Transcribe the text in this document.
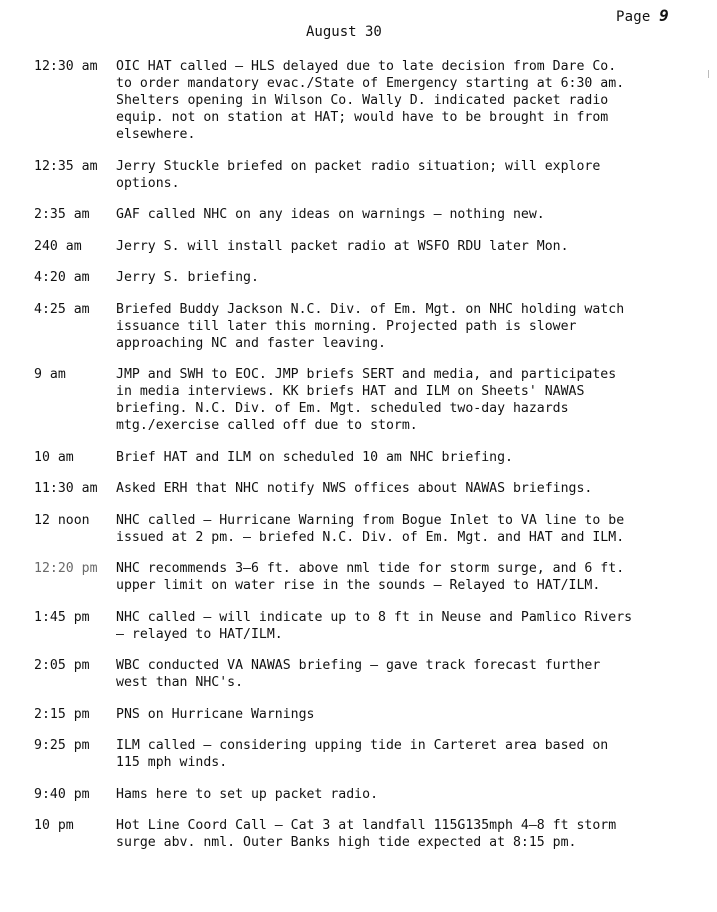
Page 9
August 30
12:30 am	OIC HAT called – HLS delayed due to late decision from Dare Co.
to order mandatory evac./State of Emergency starting at 6:30 am.
Shelters opening in Wilson Co. Wally D. indicated packet radio
equip. not on station at HAT; would have to be brought in from
elsewhere.
12:35 am	Jerry Stuckle briefed on packet radio situation; will explore
options.
2:35 am	GAF called NHC on any ideas on warnings – nothing new.
240 am	Jerry S. will install packet radio at WSFO RDU later Mon.
4:20 am	Jerry S. briefing.
4:25 am	Briefed Buddy Jackson N.C. Div. of Em. Mgt. on NHC holding watch
issuance till later this morning. Projected path is slower
approaching NC and faster leaving.
9 am	JMP and SWH to EOC. JMP briefs SERT and media, and participates
in media interviews. KK briefs HAT and ILM on Sheets' NAWAS
briefing. N.C. Div. of Em. Mgt. scheduled two-day hazards
mtg./exercise called off due to storm.
10 am	Brief HAT and ILM on scheduled 10 am NHC briefing.
11:30 am	Asked ERH that NHC notify NWS offices about NAWAS briefings.
12 noon	NHC called – Hurricane Warning from Bogue Inlet to VA line to be
issued at 2 pm. – briefed N.C. Div. of Em. Mgt. and HAT and ILM.
12:20 pm	NHC recommends 3–6 ft. above nml tide for storm surge, and 6 ft.
upper limit on water rise in the sounds – Relayed to HAT/ILM.
1:45 pm	NHC called – will indicate up to 8 ft in Neuse and Pamlico Rivers
– relayed to HAT/ILM.
2:05 pm	WBC conducted VA NAWAS briefing – gave track forecast further
west than NHC's.
2:15 pm	PNS on Hurricane Warnings
9:25 pm	ILM called – considering upping tide in Carteret area based on
115 mph winds.
9:40 pm	Hams here to set up packet radio.
10 pm	Hot Line Coord Call – Cat 3 at landfall 115G135mph 4–8 ft storm
surge abv. nml. Outer Banks high tide expected at 8:15 pm.
